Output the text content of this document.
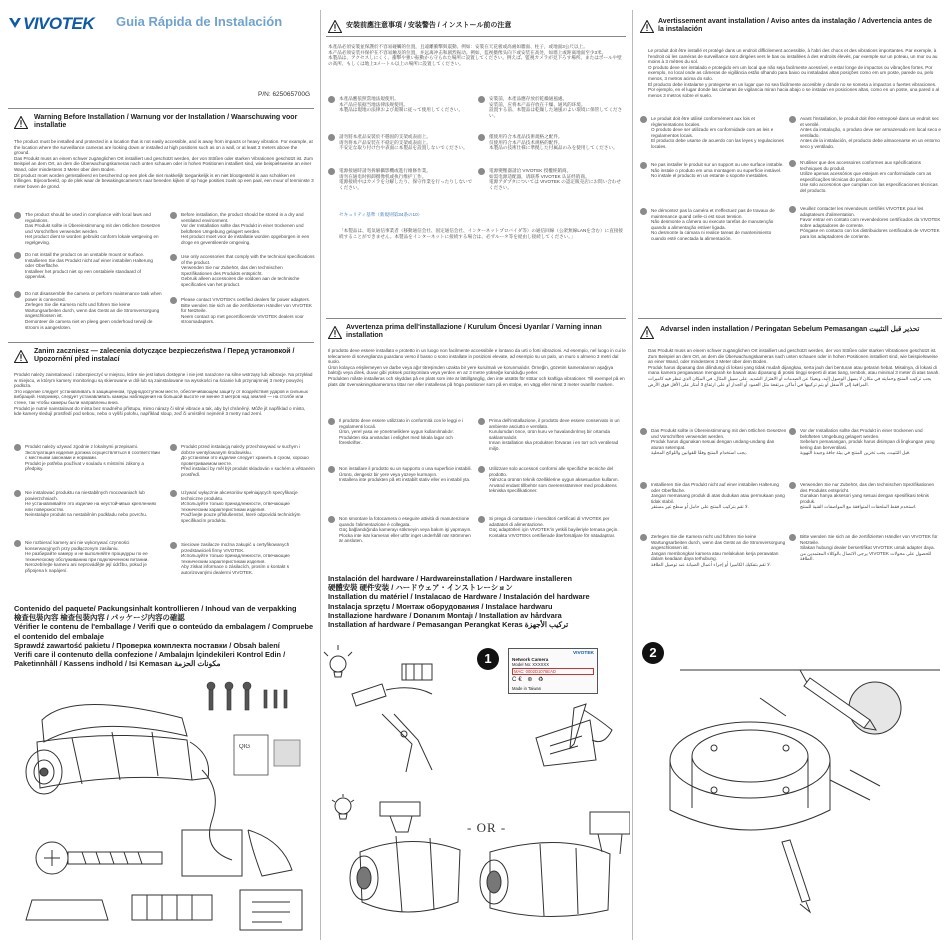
VIVOTEK Guia Rápida de Instalación
P/N: 625065700G
Warning Before Installation / Warnung vor der Installation / Waarschuwing voor installatie
The product must be installed and protected in a location that is not easily accessible, and is away from impacts or heavy vibration. For example, at the location where the surveillance cameras are looking down or installed at high positions such as on a wall, or at least 3 meters above the ground.
Das Produkt muss an einem schwer zugänglichen Ort installiert und geschützt werden, der von Stößen oder starken Vibrationen geschützt ist. Zum Beispiel an dem Ort, an dem die Überwachungskameras nach unten schauen oder in hohen Positionen installiert sind, wie beispielsweise an einer Wand, oder mindestens 3 Meter über dem Boden.
Dit product moet worden geïnstalleerd en beschermd op een plek die niet makkelijk toegankelijk is en niet blootgesteld is aan schokken en trillingen. Bijvoorbeeld, op de plek waar de bewakingscamera's naar beneden kijken of op hoge posities zoals op een paal, een muur of tenminste 3 meter boven de grond.
The product should be used in compliance with local laws and regulations.
Das Produkt sollte in Übereinstimmung mit den örtlichen Gesetzen und Vorschriften verwendet werden.
Het product dient te worden gebruikt conform lokale wetgeving en regelgeving.
Do not install the product on an unstable mount or surface.
Installieren Sie das Produkt nicht auf einer instabilen Halterung oder Oberfläche.
Installeer het product niet op een onstabiele standaard of oppervlak.
Do not disassemble the camera or perform maintenance task when power is connected.
Zerlegen Sie die Kamera nicht und führen Sie keine Wartungsarbeiten durch, wenn das Gerät an die Stromversorgung angeschlossen ist.
Demonteer de camera niet en pleeg geen onderhoud terwijl de stroom is aangesloten.
Before installation, the product should be stored in a dry and ventilated environment.
Vor der Installation sollte das Produkt in einer trockenen und belüfteten Umgebung gelagert werden.
Het product moet voor de installatie worden opgeborgen in een droge en geventileerde omgeving.
Use only accessories that comply with the technical specifications of the product.
Verwenden Sie nur Zubehör, das den technischen Spezifikationen des Produkts entspricht.
Gebruik alleen accessoires die voldoen aan de technische specificaties van het product.
Please contact VIVOTEK's certified dealers for power adapters.
Bitte wenden Sie sich an die zertifizierten Händler von VIVOTEK für Netzteile.
Neem contact op met gecertificeerde VIVOTEK dealers voor stroomadapters.
Zanim zaczniesz — zalecenia dotyczące bezpieczeństwa / Перед установкой / Upozornění před instalací
Produkt należy zainstalować i zabezpieczyć w miejscu, które nie jest łatwo dostępne i nie jest narażone na silne wstrząsy lub wibracje. Na przykład w miejscu, w którym kamery monitoringu są skierowane w dół lub są zainstalowane na wysokości na ścianie lub przynajmniej 3 metry powyżej podłoża.
Это изделие следует устанавливать в защищенном, труднодоступном месте, обеспечивающем защиту от воздействия ударов и сильных вибраций. Например, следует устанавливать камеры наблюдения на большой высоте не менее 3 метров над землей — на столбе или стене, так чтобы камеры были направлены вниз.
Produkt je nutné nainstalovat do místa bez snadného přístupu, mimo nárazy či silné vibrace a tak, aby byl chráněný. Může jít například o místo, kde kamery sledují prostředí pod sebou, nebo o vyšší polohu, například sloup, zeď či umístění nejméně 3 metry nad zemí.
Produkt należy używać zgodnie z lokalnymi przepisami.
Эксплуатация изделия должна осуществляться в соответствии с местными законами и нормами.
Produkt je potřeba používat v souladu s místními zákony a předpisy.
Nie instalować produktu na niestabilnych mocowaniach lub powierzchniach.
Не устанавливайте это изделие на неустойчивых креплениях или поверхностях.
Neinstalujte produkt na nestabilním podkladu nebo povrchu.
Nie rozbierać kamery ani nie wykonywać czynności konserwacyjnych przy podłączonym zasilaniu.
Не разбирайте камеру и не выполняйте процедуры по ее техническому обслуживанию при подключенном питании.
Nerozebírejte kameru ani neprovádějte její údržbu, pokud je připojena k napájení.
Produkt przed instalacją należy przechowywać w suchym i dobrze wentylowanym środowisku.
До установки это изделие следует хранить в сухом, хорошо проветриваемом месте.
Před instalací by měl být produkt skladován v suchém a větraném prostředí.
Używać wyłącznie akcesoriów spełniających specyfikacje techniczne produktu.
Используйте только принадлежности, отвечающие техническим характеристикам изделия.
Používejte pouze příslušenství, které odpovídá technickým specifikacím produktu.
Sieciowe zasilacze można zakupić u certyfikowanych przedstawicieli firmy VIVOTEK.
Используйте только принадлежности, отвечающие техническим характеристикам изделия.
Aby získat informace o zásilacích, prosím o kontakt s autorizovanými dealermi VIVOTEK.
Contenido del paquete/ Packungsinhalt kontrollieren / Inhoud van de verpakking
檢查包裝內容 檢查包裝內容 / パッケージ内容の確認
Vérifier le contenu de l'emballage / Verifi que o conteúdo da embalagem / Compruebe el contenido del embalaje
Sprawdź zawartość pakietu / Проверка комплекта поставки / Obsah balení
Verifi care il contenuto della confezione / Ambalajın İçindekileri Kontrol Edin / Paketinnhåll / Kassens indhold / Isi Kemasan مكونات الحزمة
QIG
安裝前應注意事項 / 安装警告 / インストール前の注意
本產品必須安裝並保護於不容易碰觸的位置，且遠離衝擊與震動。例如：安裝在天花板或高處如牆面、柱子，或地面3公尺以上。
本产品必须安装并保护在不容易触及的位置，并远离冲击和剧烈振动。例如，监视摄像头向下或安装在高处，如墙上或距离地面至少3米。
本製品は、アクセスしにくく、衝撃や強い振動から守られた場所に設置してください。例えば、監視カメラが見下ろす場所、またはポールや壁の高所、もしくは地上3メートル以上の場所に設置してください。
本產品應依照當地法規使用。
本产品应依据当地法律法规使用。
本製品は現地の法律および規制に従って使用してください。
請勿將本產品安裝於不穩固的支架或表面上。
请勿将本产品安装在不稳定的支架或表面上。
不安定な取り付け台や表面に本製品を設置しないでください。
電源接通時請勿拆解攝影機或進行維修作業。
请勿在通电时拆卸摄像机或执行维护工作。
電源接続中はカメラを分解したり、保守作業を行ったりしないでください。
安裝前，本產品應存放於乾燥通風處。
安装前，应将本产品存放在干燥、通风的环境。
設置する前、本製品は乾燥した通風のよい環境に保管してください。
僅使用符合本產品技術規格之配件。
仅使用符合本产品技术规格的配件。
本製品の技術仕様に準拠した付属品のみを使用してください。
電源變壓器請洽 VIVOTEK 授權經銷商。
如需电源适配器，请联系 VIVOTEK 认证经销商。
電源アダプタについては VIVOTEK の認定販売店にお問い合わせください。
セキュリティ基準（新規則第34条の10）
「本製品は、電気通信事業者（移動通信会社、固定通信会社、インターネットプロバイダ等）の通信回線（公衆無線LANを含む）に直接接続することができません。本製品をインターネットに接続する場合は、必ずルータ等を経由し接続してください。」
Avvertenza prima dell'installazione / Kurulum Öncesi Uyarılar / Varning innan installation
Il prodotto deve essere installato e protetto in un luogo non facilmente accessibile e lontano da urti o forti vibrazioni. Ad esempio, nel luogo in cui le telecamere di sorveglianza guardano verso il basso o sono installate in posizioni elevate, ad esempio su un palo, un muro o almeno 3 metri dal suolo.
Ürün kolayca erişilemeyen ve darbe veya ağır titreşimden uzakta bir yere kurulmalı ve korunmalıdır. Örneğin, gözetim kameralarının aşağıya baktığı veya direk, duvar gibi yüksek pozisyonlara veya yerden en az 3 metre yükseğe kurulduğu yerler.
Produkten måste installeras och skyddas på en plats som inte är lättillgänglig, den inte utsätts för stötar och kraftiga vibrationer. Till exempel på en plats där övervakningskamerorna tittar ner eller installeras på höga positioner som på en stolpe, en vägg eller minst 3 meter ovanför marken.
Il prodotto deve essere utilizzato in conformità con le leggi e i regolamenti locali.
Ürün, yerel yasa ve yönetmeliklere uygun kullanılmalıdır.
Produkten ska användas i enlighet med lokala lagar och föreskrifter.
Non installare il prodotto su un supporto o una superficie instabili.
Ürünü, dengesiz bir yere veya yüzeye kurmayın.
Installera inte produkten på ett instabilt stativ eller en instabil yta.
Non smontare la fotocamera o eseguire attività di manutenzione quando l'alimentazione è collegata.
Güç bağlandığında kamerayı sökmeyin veya bakım işi yapmayın.
Plocka inte isär kameran eller utför inget underhåll när strömmen är ansluten.
Prima dell'installazione, il prodotto deve essere conservato in un ambiente asciutto e ventilato.
Kurulumdan önce, ürün kuru ve havalandırılmış bir ortamda saklanmalıdır.
Innan installation ska produkten förvaras i en torr och ventilerad miljö.
Utilizzare solo accessori conformi alle specifiche tecniche del prodotto.
Yalnızca ürünün teknik özelliklerine uygun aksesuarları kullanın.
Använd endast tillbehör som överensstämmer med produktens tekniska specifikationer.
Si prega di contattare i rivenditori certificati di VIVOTEK per adattatori di alimentazione.
Güç adaptörleri için VIVOTEK'in yetkili bayileriyle temasa geçin.
Kontakta VIVOTEKs certifierade återförsäljare för nätadaptrar.
Instalación del hardware / Hardwareinstallation / Hardware installeren
硬體安裝 硬件安装 / ハードウェア・インストレーション
Installation du matériel / Instalacao de Hardware / Instalación del hardware
Instalacja sprzętu / Монтаж оборудования / Instalace hardwaru
Installazione hardware / Donanım Montajı / Installation av hårdvara
Installation af hardware / Pemasangan Perangkat Keras تركيب الأجهزة
1	VIVOTEK
Network Camera
Model No: XXXXXX
MAC: 0002D1076EAD
C€ ⊛ ♻
Made in Taiwan
- OR -
Avertissement avant installation / Aviso antes da instalação / Advertencia antes de la instalación
Le produit doit être installé et protégé dans un endroit difficilement accessible, à l'abri des chocs et des vibrations importantes. Par exemple, à l'endroit où les caméras de surveillance sont dirigées vers le bas ou installées à des endroits élevés, par exemple sur un poteau, un mur ou au moins à 3 mètres du sol.
O produto deve ser instalado e protegido em um local que não seja facilmente acessível, e estar longe de impactos ou vibrações fortes. Por exemplo, no local onde as câmeras de vigilância estão olhando para baixo ou instaladas altas posições como em um poste, parede ou, pelo menos, 3 metros acima do solo.
El producto debe instalarse y protegerse en un lugar que no sea fácilmente accesible y donde no se someta a impactos o fuertes vibraciones. Por ejemplo, en el lugar donde las cámaras de vigilancia miran hacia abajo o se instalan en posiciones altas, como en un poste, una pared o al menos 3 metros sobre el suelo.
Le produit doit être utilisé conformément aux lois et règlementations locales.
O produto deve ser utilizado em conformidade com as leis e regulamentos locais.
El producto debe usarse de acuerdo con las leyes y regulaciones locales.
Ne pas installer le produit sur un support ou une surface instable.
Não instale o produto em uma montagem ou superfície instável.
No instale el producto en un estante o soporte inestables.
Ne démontez pas la caméra et n'effectuez pas de travaux de maintenance quand celle-ci est sous tension.
Não desmonte a câmera ou execute tarefas de manutenção quando a alimentação estiver ligada.
No desmonte la cámara ni realice tareas de mantenimiento cuando esté conectada la alimentación.
Avant l'installation, le produit doit être entreposé dans un endroit sec et ventilé.
Antes da instalação, o produto deve ser armazenado em local seco e ventilado.
Antes de la instalación, el producto debe almacenarse en un entorno seco y ventilado.
N'utiliser que des accessoires conformes aux spécifications techniques du produit.
Utilize apenas acessórios que estejam em conformidade com as especificações técnicas do produto.
Use solo accesorios que cumplan con las especificaciones técnicas del producto.
Veuillez contacter les revendeurs certifiés VIVOTEK pour les adaptateurs d'alimentation.
Favor entrar em contato com revendedores certificados da VIVOTEK sobre adaptadores de corrente.
Póngase en contacto con los distribuidores certificados de VIVOTEK para los adaptadores de corriente.
Advarsel inden installation / Peringatan Sebelum Pemasangan تحذير قبل التثبيت
Das Produkt muss an einem schwer zugänglichen Ort installiert und geschützt werden, der von Stößen oder starken Vibrationen geschützt ist. Zum Beispiel an dem Ort, an dem die Überwachungskameras nach unten schauen oder in hohen Positionen installiert sind, wie beispielsweise an einer Wand, oder mindestens 3 Meter über dem Boden.
Produk harus dipasang dan dilindungi di lokasi yang tidak mudah dijangkau, serta jauh dari benturan atau getaran hebat. Misalnya, di lokasi di mana kamera pengawasan mengarah ke bawah atau dipasang di posisi tinggi seperti di atas tiang, tembok, atau minimal 3 meter di atas tanah.
يجب تركيب المنتج وحمايته في مكان لا يسهل الوصول إليه، وبعيدًا عن الصدمات أو الاهتزاز الشديد. على سبيل المثال، في المكان الذي تنظر فيه كاميرات المراقبة إلى الأسفل أو يتم تركيبها في أماكن مرتفعة مثل العمود أو الجدار أو على ارتفاع 3 أمتار على الأقل فوق الأرض.
Das Produkt sollte in Übereinstimmung mit den örtlichen Gesetzen und Vorschriften verwendet werden.
Produk harus digunakan sesuai dengan undang-undang dan aturan setempat.
يجب استخدام المنتج وفقًا للقوانين واللوائح المحلية.
Installieren Sie das Produkt nicht auf einer instabilen Halterung oder Oberfläche.
Jangan memasang produk di atas dudukan atau permukaan yang tidak stabil.
لا تقم بتركيب المنتج على حامل أو سطح غير مستقر.
Zerlegen Sie die Kamera nicht und führen Sie keine Wartungsarbeiten durch, wenn das Gerät an die Stromversorgung angeschlossen ist.
Jangan membongkar kamera atau melakukan kerja perawatan dalam keadaan daya terhubung.
لا تقم بتفكيك الكاميرا أو إجراء أعمال الصيانة عند توصيل الطاقة.
Vor der Installation sollte das Produkt in einer trockenen und belüfteten Umgebung gelagert werden.
Sebelum pemasangan, produk harus disimpan di lingkungan yang kering dan berventilasi.
قبل التثبيت، يجب تخزين المنتج في بيئة جافة وجيدة التهوية.
Verwenden Sie nur Zubehör, das den technischen Spezifikationen des Produkts entspricht.
Gunakan hanya aksesori yang sesuai dengan spesifikasi teknis produk.
استخدم فقط الملحقات المتوافقة مع المواصفات الفنية للمنتج.
Bitte wenden Sie sich an die zertifizierten Händler von VIVOTEK für Netzteile.
Silakan hubungi dealer bersertifikat VIVOTEK untuk adapter daya.
يرجى الاتصال بالوكلاء المعتمدين من VIVOTEK للحصول على محولات الطاقة.
2
